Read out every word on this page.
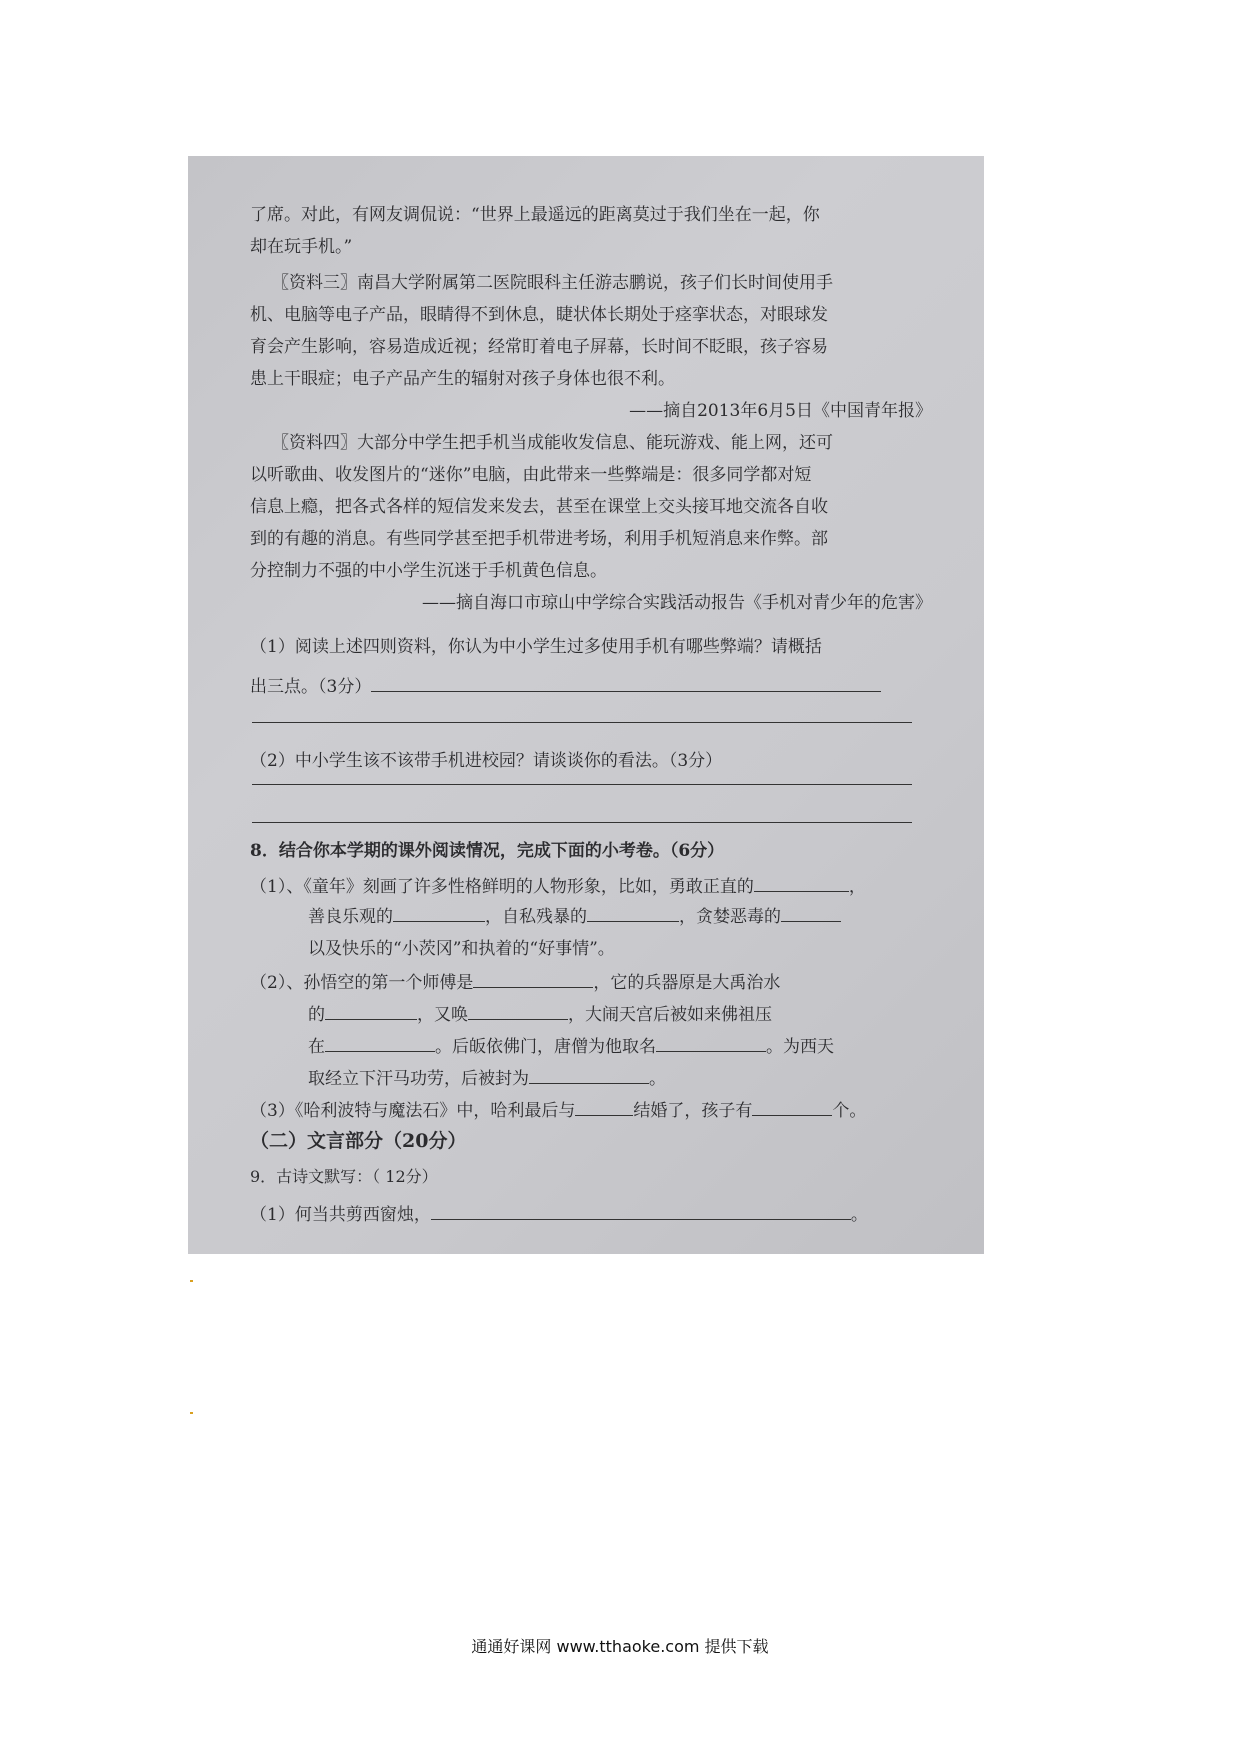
了席。对此，有网友调侃说：“世界上最遥远的距离莫过于我们坐在一起，你
却在玩手机。”
〖资料三〗南昌大学附属第二医院眼科主任游志鹏说，孩子们长时间使用手
机、电脑等电子产品，眼睛得不到休息，睫状体长期处于痉挛状态，对眼球发
育会产生影响，容易造成近视；经常盯着电子屏幕，长时间不眨眼，孩子容易
患上干眼症；电子产品产生的辐射对孩子身体也很不利。
——摘自2013年6月5日《中国青年报》
〖资料四〗大部分中学生把手机当成能收发信息、能玩游戏、能上网，还可
以听歌曲、收发图片的“迷你”电脑，由此带来一些弊端是：很多同学都对短
信息上瘾，把各式各样的短信发来发去，甚至在课堂上交头接耳地交流各自收
到的有趣的消息。有些同学甚至把手机带进考场，利用手机短消息来作弊。部
分控制力不强的中小学生沉迷于手机黄色信息。
——摘自海口市琼山中学综合实践活动报告《手机对青少年的危害》
（1）阅读上述四则资料，你认为中小学生过多使用手机有哪些弊端？请概括
出三点。（3分）
（2）中小学生该不该带手机进校园？请谈谈你的看法。（3分）
8．结合你本学期的课外阅读情况，完成下面的小考卷。（6分）
（1）、《童年》刻画了许多性格鲜明的人物形象，比如，勇敢正直的	，
善良乐观的	，自私残暴的	，贪婪恶毒的
以及快乐的“小茨冈”和执着的“好事情”。
（2）、孙悟空的第一个师傅是	，它的兵器原是大禹治水
的	，又唤	，大闹天宫后被如来佛祖压
在	。后皈依佛门，唐僧为他取名	。为西天
取经立下汗马功劳，后被封为	。
（3）《哈利波特与魔法石》中，哈利最后与	结婚了，孩子有	个。
（二）文言部分（20分）
9．古诗文默写：（ 12分）
（1）何当共剪西窗烛，	。
通通好课网 www.tthaoke.com 提供下载
